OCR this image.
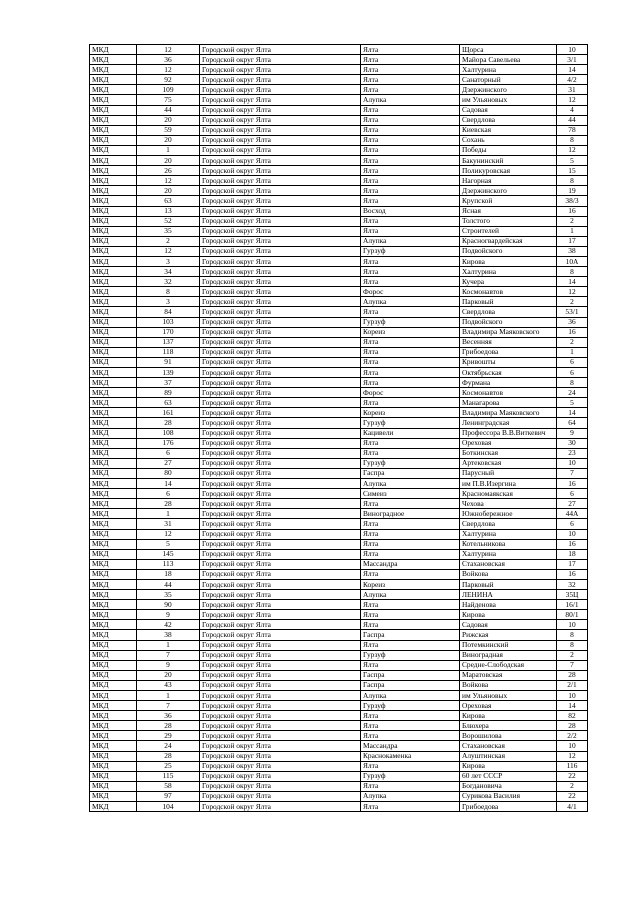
МКД	12	Городской округ Ялта	Ялта	Щорса	10
МКД	36	Городской округ Ялта	Ялта	Майора Савельева	3/1
МКД	12	Городской округ Ялта	Ялта	Халтурина	14
МКД	92	Городской округ Ялта	Ялта	Санаторный	4/2
МКД	109	Городской округ Ялта	Ялта	Дзержинского	31
МКД	75	Городской округ Ялта	Алупка	им Ульяновых	12
МКД	44	Городской округ Ялта	Ялта	Садовая	4
МКД	20	Городской округ Ялта	Ялта	Свердлова	44
МКД	59	Городской округ Ялта	Ялта	Киевская	78
МКД	20	Городской округ Ялта	Ялта	Сохань	8
МКД	1	Городской округ Ялта	Ялта	Победы	12
МКД	20	Городской округ Ялта	Ялта	Бакунинский	5
МКД	26	Городской округ Ялта	Ялта	Поликуровская	15
МКД	12	Городской округ Ялта	Ялта	Нагорная	8
МКД	20	Городской округ Ялта	Ялта	Дзержинского	19
МКД	63	Городской округ Ялта	Ялта	Крупской	38/3
МКД	13	Городской округ Ялта	Восход	Ясная	16
МКД	52	Городской округ Ялта	Ялта	Толстого	2
МКД	35	Городской округ Ялта	Ялта	Строителей	1
МКД	2	Городской округ Ялта	Алупка	Красногвардейская	17
МКД	12	Городской округ Ялта	Гурзуф	Подвойского	38
МКД	3	Городской округ Ялта	Ялта	Кирова	10А
МКД	34	Городской округ Ялта	Ялта	Халтурина	8
МКД	32	Городской округ Ялта	Ялта	Кучера	14
МКД	8	Городской округ Ялта	Форос	Космонавтов	12
МКД	3	Городской округ Ялта	Алупка	Парковый	2
МКД	84	Городской округ Ялта	Ялта	Свердлова	53/1
МКД	103	Городской округ Ялта	Гурзуф	Подвойского	36
МКД	170	Городской округ Ялта	Кореиз	Владимира Маяковского	16
МКД	137	Городской округ Ялта	Ялта	Весенняя	2
МКД	118	Городской округ Ялта	Ялта	Грибоедова	1
МКД	91	Городской округ Ялта	Ялта	Кривошты	6
МКД	139	Городской округ Ялта	Ялта	Октябрьская	6
МКД	37	Городской округ Ялта	Ялта	Фурмана	8
МКД	89	Городской округ Ялта	Форос	Космонавтов	24
МКД	63	Городской округ Ялта	Ялта	Манагарова	5
МКД	161	Городской округ Ялта	Кореиз	Владимира Маяковского	14
МКД	28	Городской округ Ялта	Гурзуф	Ленинградская	64
МКД	108	Городской округ Ялта	Кацивели	Профессора В.В.Виткевич	9
МКД	176	Городской округ Ялта	Ялта	Ореховая	30
МКД	6	Городской округ Ялта	Ялта	Боткинская	23
МКД	27	Городской округ Ялта	Гурзуф	Артековская	10
МКД	80	Городской округ Ялта	Гаспра	Парусный	7
МКД	14	Городской округ Ялта	Алупка	им П.В.Изергина	16
МКД	6	Городской округ Ялта	Симеиз	Красномаякская	6
МКД	28	Городской округ Ялта	Ялта	Чехова	27
МКД	1	Городской округ Ялта	Виноградное	Южнобережное	44А
МКД	31	Городской округ Ялта	Ялта	Свердлова	6
МКД	12	Городской округ Ялта	Ялта	Халтурина	10
МКД	5	Городской округ Ялта	Ялта	Котельникова	16
МКД	145	Городской округ Ялта	Ялта	Халтурина	18
МКД	113	Городской округ Ялта	Массандра	Стахановская	17
МКД	18	Городской округ Ялта	Ялта	Войкова	16
МКД	44	Городской округ Ялта	Кореиз	Парковый	32
МКД	35	Городской округ Ялта	Алупка	ЛЕНИНА	35Ц
МКД	90	Городской округ Ялта	Ялта	Найденова	16/1
МКД	9	Городской округ Ялта	Ялта	Кирова	80/1
МКД	42	Городской округ Ялта	Ялта	Садовая	10
МКД	38	Городской округ Ялта	Гаспра	Рижская	8
МКД	1	Городской округ Ялта	Ялта	Потемкинский	8
МКД	7	Городской округ Ялта	Гурзуф	Виноградная	2
МКД	9	Городской округ Ялта	Ялта	Средне-Слободская	7
МКД	20	Городской округ Ялта	Гаспра	Маратовская	28
МКД	43	Городской округ Ялта	Гаспра	Войкова	2/1
МКД	1	Городской округ Ялта	Алупка	им Ульяновых	10
МКД	7	Городской округ Ялта	Гурзуф	Ореховая	14
МКД	36	Городской округ Ялта	Ялта	Кирова	82
МКД	28	Городской округ Ялта	Ялта	Блюхера	28
МКД	29	Городской округ Ялта	Ялта	Ворошилова	2/2
МКД	24	Городской округ Ялта	Массандра	Стахановская	10
МКД	28	Городской округ Ялта	Краснокаменка	Алуштинская	12
МКД	25	Городской округ Ялта	Ялта	Кирова	116
МКД	115	Городской округ Ялта	Гурзуф	60 лет СССР	22
МКД	58	Городской округ Ялта	Ялта	Богдановича	2
МКД	97	Городской округ Ялта	Алупка	Сурикова Василия	22
МКД	104	Городской округ Ялта	Ялта	Грибоедова	4/1
